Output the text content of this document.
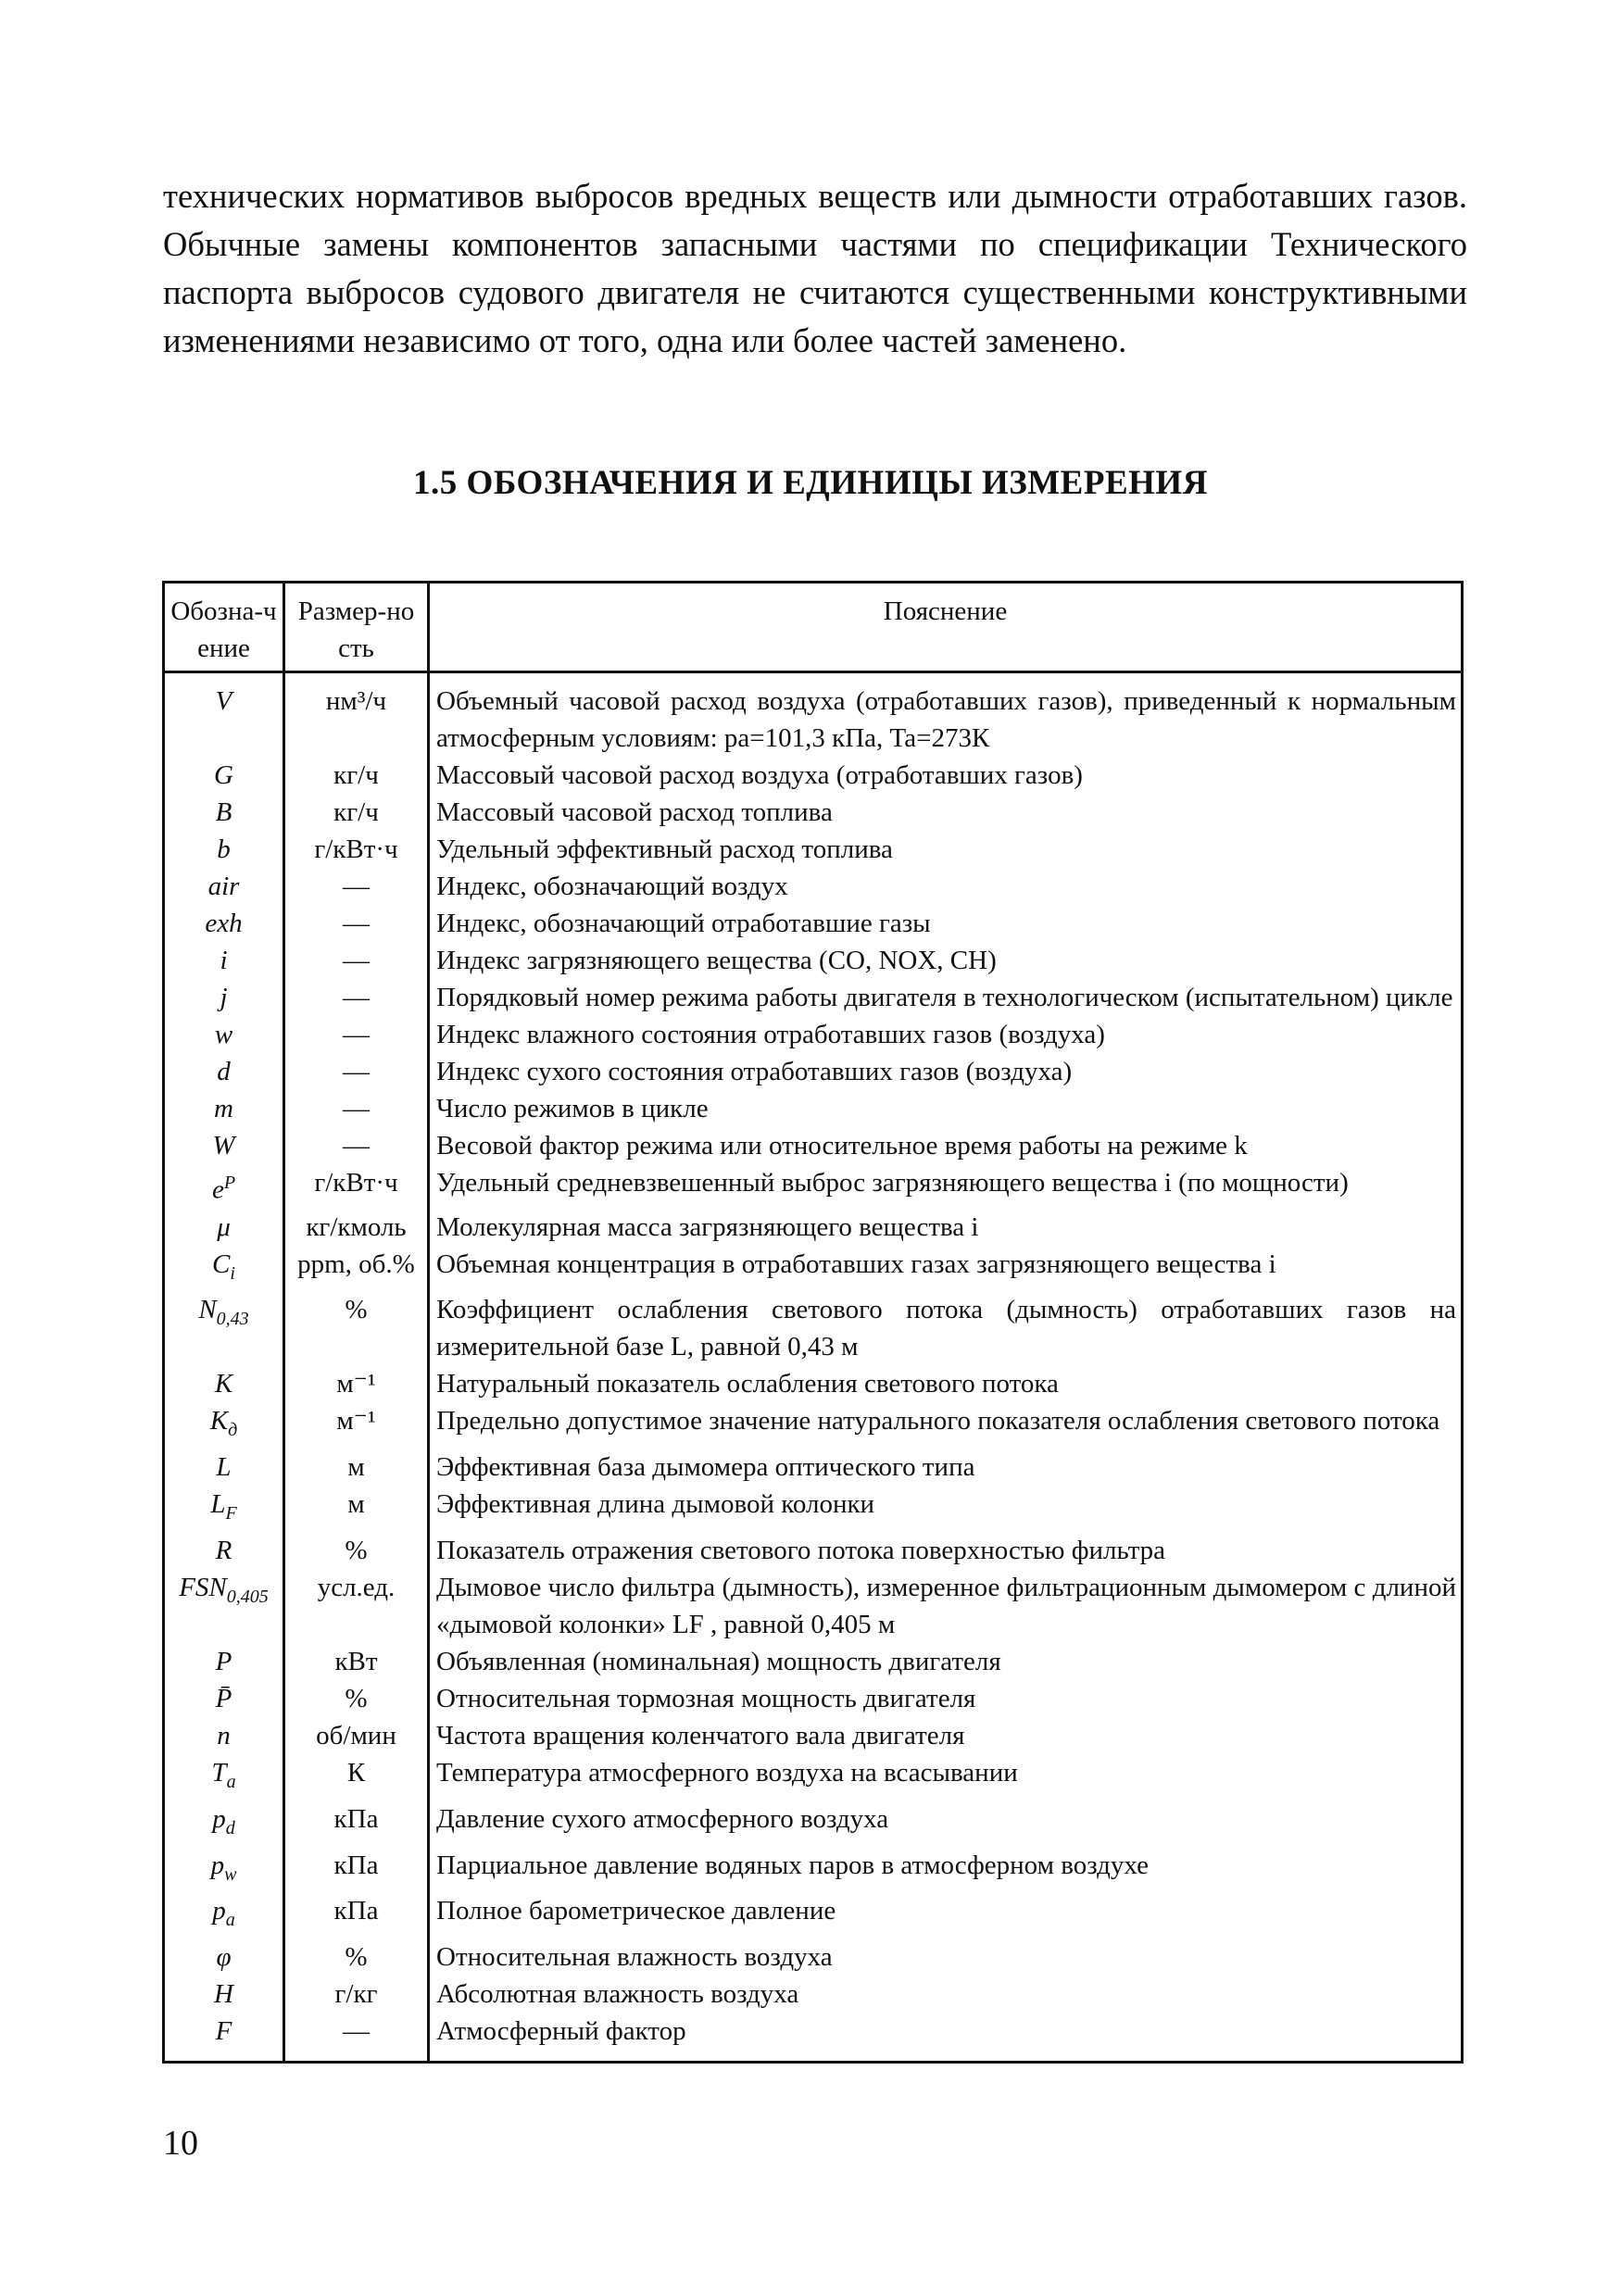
технических нормативов выбросов вредных веществ или дымности отработавших газов. Обычные замены компонентов запасными частями по спецификации Технического паспорта выбросов судового двигателя не считаются существенными конструктивными изменениями независимо от того, одна или более частей заменено.

1.5 ОБОЗНАЧЕНИЯ И ЕДИНИЦЫ ИЗМЕРЕНИЯ
Обозна-чение	Размер-ность	Пояснение
V	нм³/ч	Объемный часовой расход воздуха (отработавших газов), приведенный к нормальным атмосферным условиям: pa=101,3 кПа, Ta=273К
G	кг/ч	Массовый часовой расход воздуха (отработавших газов)
B	кг/ч	Массовый часовой расход топлива
b	г/кВт·ч	Удельный эффективный расход топлива
air	—	Индекс, обозначающий воздух
exh	—	Индекс, обозначающий отработавшие газы
i	—	Индекс загрязняющего вещества (CO, NOX, CH)
j	—	Порядковый номер режима работы двигателя в технологическом (испытательном) цикле
w	—	Индекс влажного состояния отработавших газов (воздуха)
d	—	Индекс сухого состояния отработавших газов (воздуха)
m	—	Число режимов в цикле
W	—	Весовой фактор режима или относительное время работы на режиме k
$e^P$	г/кВт·ч	Удельный средневзвешенный выброс загрязняющего вещества i (по мощности)
μ	кг/кмоль	Молекулярная масса загрязняющего вещества i
$C_i$	ppm, об.%	Объемная концентрация в отработавших газах загрязняющего вещества i
$N_{0,43}$	%	Коэффициент ослабления светового потока (дымность) отработавших газов на измерительной базе L, равной 0,43 м
K	м⁻¹	Натуральный показатель ослабления светового потока
$K_д$	м⁻¹	Предельно допустимое значение натурального показателя ослабления светового потока
L	м	Эффективная база дымомера оптического типа
$L_F$	м	Эффективная длина дымовой колонки
R	%	Показатель отражения светового потока поверхностью фильтра
$FSN_{0,405}$	усл.ед.	Дымовое число фильтра (дымность), измеренное фильтрационным дымомером с длиной «дымовой колонки» LF , равной 0,405 м
P	кВт	Объявленная (номинальная) мощность двигателя
P̄	%	Относительная тормозная мощность двигателя
n	об/мин	Частота вращения коленчатого вала двигателя
$T_a$	К	Температура атмосферного воздуха на всасывании
$p_d$	кПа	Давление сухого атмосферного воздуха
$p_w$	кПа	Парциальное давление водяных паров в атмосферном воздухе
$p_a$	кПа	Полное барометрическое давление
φ	%	Относительная влажность воздуха
H	г/кг	Абсолютная влажность воздуха
F	—	Атмосферный фактор

10
